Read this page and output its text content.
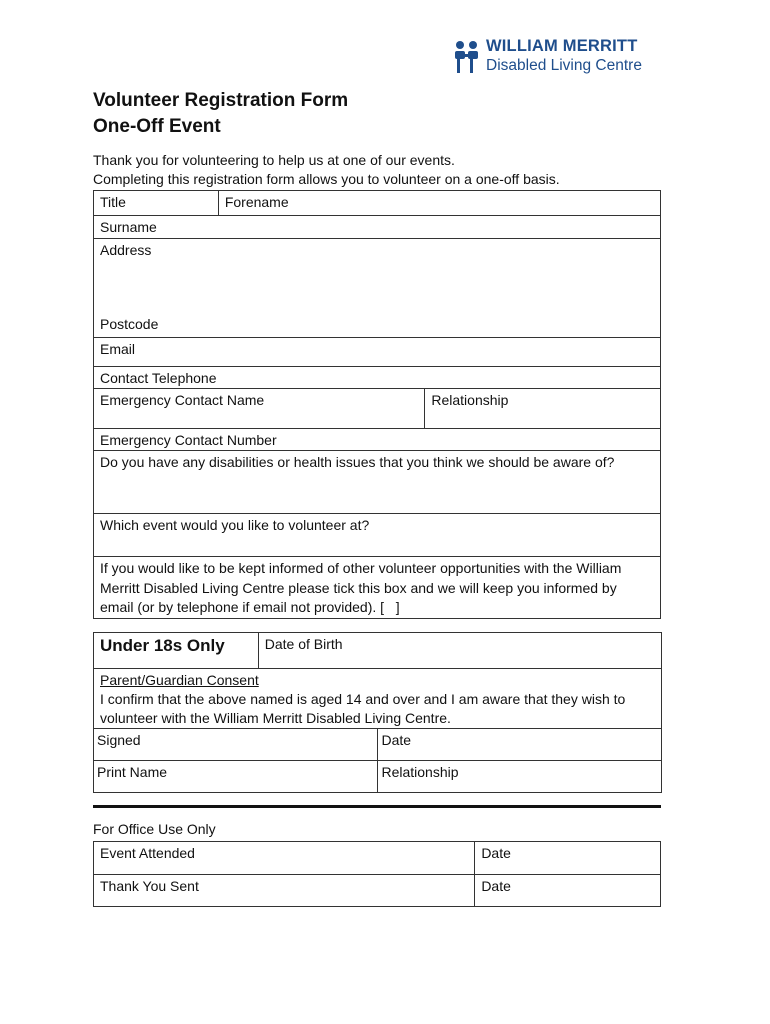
WILLIAM MERRITT
Disabled Living Centre
Volunteer Registration Form
One-Off Event
Thank you for volunteering to help us at one of our events.
Completing this registration form allows you to volunteer on a one-off basis.
Title	Forename	
Surname		
Address
Postcode		

Email		
Contact Telephone		
Emergency Contact Name		Relationship
Emergency Contact Number		
Do you have any disabilities or health issues that you think we should be aware of?		
Which event would you like to volunteer at?		
If you would like to be kept informed of other volunteer opportunities with the William Merritt Disabled Living Centre please tick this box and we will keep you informed by email (or by telephone if email not provided). [   ]		
Under 18s Only	Date of Birth	

Parent/Guardian Consent
I confirm that the above named is aged 14 and over and I am aware that they wish to volunteer with the William Merritt Disabled Living Centre.		

Signed		Date
Print Name		Relationship
For Office Use Only
Event Attended	Date
Thank You Sent	Date
